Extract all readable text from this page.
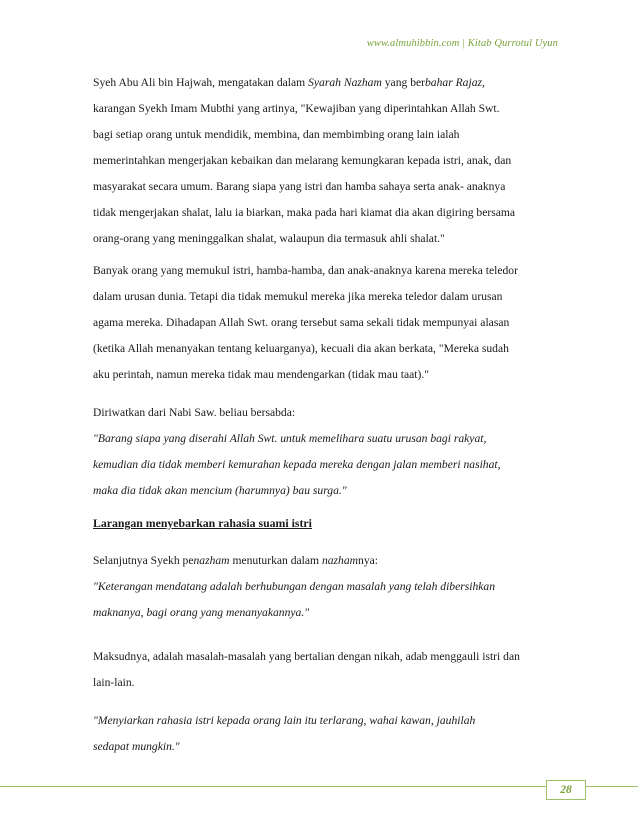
www.almuhibbin.com | Kitab Qurrotul Uyun
Syeh Abu Ali bin Hajwah, mengatakan dalam Syarah Nazham yang berbahar Rajaz,
karangan Syekh Imam Mubthi yang artinya, "Kewajiban yang diperintahkan Allah Swt.
bagi setiap orang untuk mendidik, membina, dan membimbing orang lain ialah
memerintahkan mengerjakan kebaikan dan melarang kemungkaran kepada istri, anak, dan
masyarakat secara umum. Barang siapa yang istri dan hamba sahaya serta anak- anaknya
tidak mengerjakan shalat, lalu ia biarkan, maka pada hari kiamat dia akan digiring bersama
orang-orang yang meninggalkan shalat, walaupun dia termasuk ahli shalat."
Banyak orang yang memukul istri, hamba-hamba, dan anak-anaknya karena mereka teledor
dalam urusan dunia. Tetapi dia tidak memukul mereka jika mereka teledor dalam urusan
agama mereka. Dihadapan Allah Swt. orang tersebut sama sekali tidak mempunyai alasan
(ketika Allah menanyakan tentang keluarganya), kecuali dia akan berkata, "Mereka sudah
aku perintah, namun mereka tidak mau mendengarkan (tidak mau taat)."
Diriwatkan dari Nabi Saw. beliau bersabda:
"Barang siapa yang diserahi Allah Swt. untuk memelihara suatu urusan bagi rakyat,
kemudian dia tidak memberi kemurahan kepada mereka dengan jalan memberi nasihat,
maka dia tidak akan mencium (harumnya) bau surga."
Larangan menyebarkan rahasia suami istri
Selanjutnya Syekh penazham menuturkan dalam nazhamnya:
"Keterangan mendatang adalah berhubungan dengan masalah yang telah dibersihkan
maknanya, bagi orang yang menanyakannya."
Maksudnya, adalah masalah-masalah yang bertalian dengan nikah, adab menggauli istri dan
lain-lain.
"Menyiarkan rahasia istri kepada orang lain itu terlarang, wahai kawan, jauhilah
sedapat mungkin."
28
